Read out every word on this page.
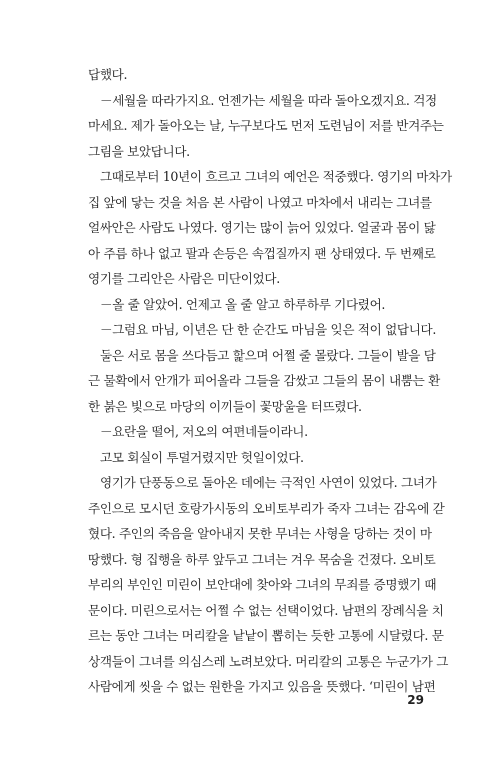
답했다.
－세월을 따라가지요. 언젠가는 세월을 따라 돌아오겠지요. 걱정
마세요. 제가 돌아오는 날, 누구보다도 먼저 도련님이 저를 반겨주는
그림을 보았답니다.
그때로부터 10년이 흐르고 그녀의 예언은 적중했다. 영기의 마차가
집 앞에 닿는 것을 처음 본 사람이 나였고 마차에서 내리는 그녀를
얼싸안은 사람도 나였다. 영기는 많이 늙어 있었다. 얼굴과 몸이 닳
아 주름 하나 없고 팔과 손등은 속껍질까지 팬 상태였다. 두 번째로
영기를 그리안은 사람은 미단이었다.
－올 줄 알았어. 언제고 올 줄 알고 하루하루 기다렸어.
－그럼요 마님, 이년은 단 한 순간도 마님을 잊은 적이 없답니다.
둘은 서로 몸을 쓰다듬고 핥으며 어쩔 줄 몰랐다. 그들이 발을 담
근 물확에서 안개가 피어올라 그들을 감쌌고 그들의 몸이 내뿜는 환
한 붉은 빛으로 마당의 이끼들이 꽃망울을 터뜨렸다.
－요란을 떨어, 저오의 여편네들이라니.
고모 회실이 투덜거렸지만 헛일이었다.
영기가 단풍동으로 돌아온 데에는 극적인 사연이 있었다. 그녀가
주인으로 모시던 호랑가시동의 오비토부리가 죽자 그녀는 감옥에 갇
혔다. 주인의 죽음을 알아내지 못한 무녀는 사형을 당하는 것이 마
땅했다. 형 집행을 하루 앞두고 그녀는 겨우 목숨을 건졌다. 오비토
부리의 부인인 미린이 보안대에 찾아와 그녀의 무죄를 증명했기 때
문이다. 미린으로서는 어쩔 수 없는 선택이었다. 남편의 장례식을 치
르는 동안 그녀는 머리칼을 낱낱이 뽑히는 듯한 고통에 시달렸다. 문
상객들이 그녀를 의심스레 노려보았다. 머리칼의 고통은 누군가가 그
사람에게 씻을 수 없는 원한을 가지고 있음을 뜻했다. ‘미린이 남편
29
